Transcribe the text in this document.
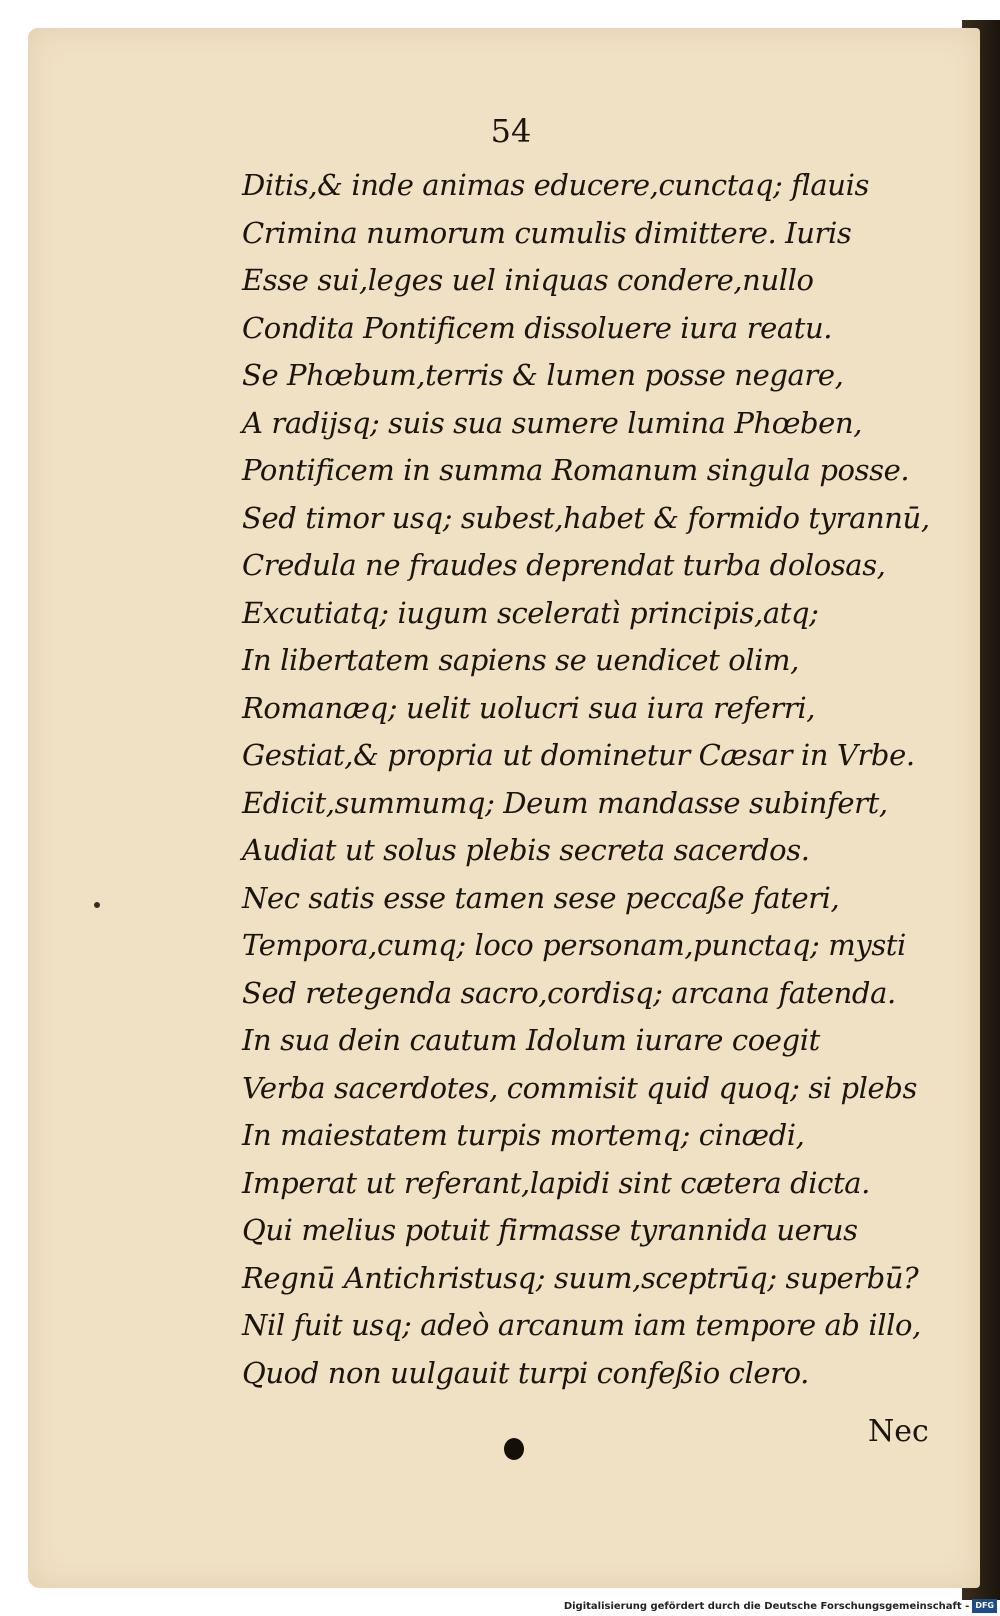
54
Ditis,& inde animas educere,cunctaq; flauis
Crimina numorum cumulis dimittere. Iuris
Esse sui,leges uel iniquas condere,nullo
Condita Pontificem dissoluere iura reatu.
Se Phœbum,terris & lumen posse negare,
A radijsq; suis sua sumere lumina Phœben,
Pontificem in summa Romanum singula posse.
Sed timor usq; subest,habet & formido tyrannū,
Credula ne fraudes deprendat turba dolosas,
Excutiatq; iugum sceleratì principis,atq;
In libertatem sapiens se uendicet olim,
Romanæq; uelit uolucri sua iura referri,
Gestiat,& propria ut dominetur Cæsar in Vrbe.
Edicit,summumq; Deum mandasse subinfert,
Audiat ut solus plebis secreta sacerdos.
Nec satis esse tamen sese peccaße fateri,
Tempora,cumq; loco personam,punctaq; mysti
Sed retegenda sacro,cordisq; arcana fatenda.
In sua dein cautum Idolum iurare coegit
Verba sacerdotes, commisit quid quoq; si plebs
In maiestatem turpis mortemq; cinædi,
Imperat ut referant,lapidi sint cætera dicta.
Qui melius potuit firmasse tyrannida uerus
Regnū Antichristusq; suum,sceptrūq; superbū?
Nil fuit usq; adeò arcanum iam tempore ab illo,
Quod non uulgauit turpi confeßio clero.
Nec
Digitalisierung gefördert durch die Deutsche Forschungsgemeinschaft - DFG
